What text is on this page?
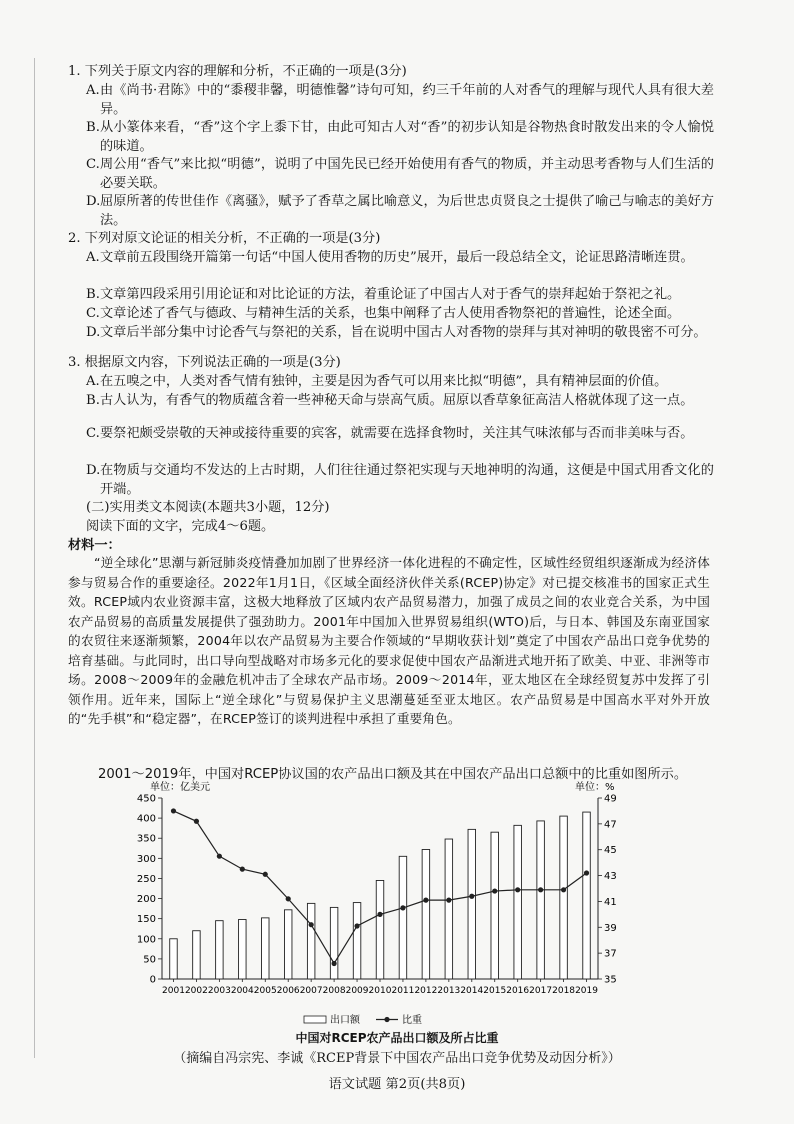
1. 下列关于原文内容的理解和分析，不正确的一项是(3分)
A. 由《尚书·君陈》中的“黍稷非馨，明德惟馨”诗句可知，约三千年前的人对香气的理解与现代人具有很大差异。
B. 从小篆体来看，“香”这个字上黍下甘，由此可知古人对“香”的初步认知是谷物热食时散发出来的令人愉悦的味道。
C. 周公用“香气”来比拟“明德”，说明了中国先民已经开始使用有香气的物质，并主动思考香物与人们生活的必要关联。
D. 屈原所著的传世佳作《离骚》，赋予了香草之属比喻意义，为后世忠贞贤良之士提供了喻己与喻志的美好方法。
2. 下列对原文论证的相关分析，不正确的一项是(3分)
A. 文章前五段围绕开篇第一句话“中国人使用香物的历史”展开，最后一段总结全文，论证思路清晰连贯。
B. 文章第四段采用引用论证和对比论证的方法，着重论证了中国古人对于香气的崇拜起始于祭祀之礼。
C. 文章论述了香气与德政、与精神生活的关系，也集中阐释了古人使用香物祭祀的普遍性，论述全面。
D. 文章后半部分集中讨论香气与祭祀的关系，旨在说明中国古人对香物的崇拜与其对神明的敬畏密不可分。
3. 根据原文内容，下列说法正确的一项是(3分)
A. 在五嗅之中，人类对香气情有独钟，主要是因为香气可以用来比拟“明德”，具有精神层面的价值。
B. 古人认为，有香气的物质蕴含着一些神秘天命与崇高气质。屈原以香草象征高洁人格就体现了这一点。
C. 要祭祀颇受崇敬的天神或接待重要的宾客，就需要在选择食物时，关注其气味浓郁与否而非美味与否。
D. 在物质与交通均不发达的上古时期，人们往往通过祭祀实现与天地神明的沟通，这便是中国式用香文化的开端。
(二)实用类文本阅读(本题共3小题，12分)
阅读下面的文字，完成4～6题。
材料一：
“逆全球化”思潮与新冠肺炎疫情叠加加剧了世界经济一体化进程的不确定性，区域性经贸组织逐渐成为经济体参与贸易合作的重要途径。2022年1月1日，《区域全面经济伙伴关系(RCEP)协定》对已提交核准书的国家正式生效。RCEP域内农业资源丰富，这极大地释放了区域内农产品贸易潜力，加强了成员之间的农业竞合关系，为中国农产品贸易的高质量发展提供了强劲助力。2001年中国加入世界贸易组织(WTO)后，与日本、韩国及东南亚国家的农贸往来逐渐频繁，2004年以农产品贸易为主要合作领域的“早期收获计划”奠定了中国农产品出口竞争优势的培育基础。与此同时，出口导向型战略对市场多元化的要求促使中国农产品渐进式地开拓了欧美、中亚、非洲等市场。2008～2009年的金融危机冲击了全球农产品市场。2009～2014年，亚太地区在全球经贸复苏中发挥了引领作用。近年来，国际上“逆全球化”与贸易保护主义思潮蔓延至亚太地区。农产品贸易是中国高水平对外开放的“先手棋”和“稳定器”，在RCEP签订的谈判进程中承担了重要角色。
2001～2019年，中国对RCEP协议国的农产品出口额及其在中国农产品出口总额中的比重如图所示。
单位：亿美元	单位：%
0
50
100
150
200
250
300
350
400
450
35
37
39
41
43
45
47
49
2001 2002 2003 2004 2005 2006 2007 2008 2009 2010 2011 2012 2013 2014 2015 2016 2017 2018 2019
出口额	比重
中国对RCEP农产品出口额及所占比重
（摘编自冯宗宪、李诚《RCEP背景下中国农产品出口竞争优势及动因分析》）
语文试题 第2页(共8页)
